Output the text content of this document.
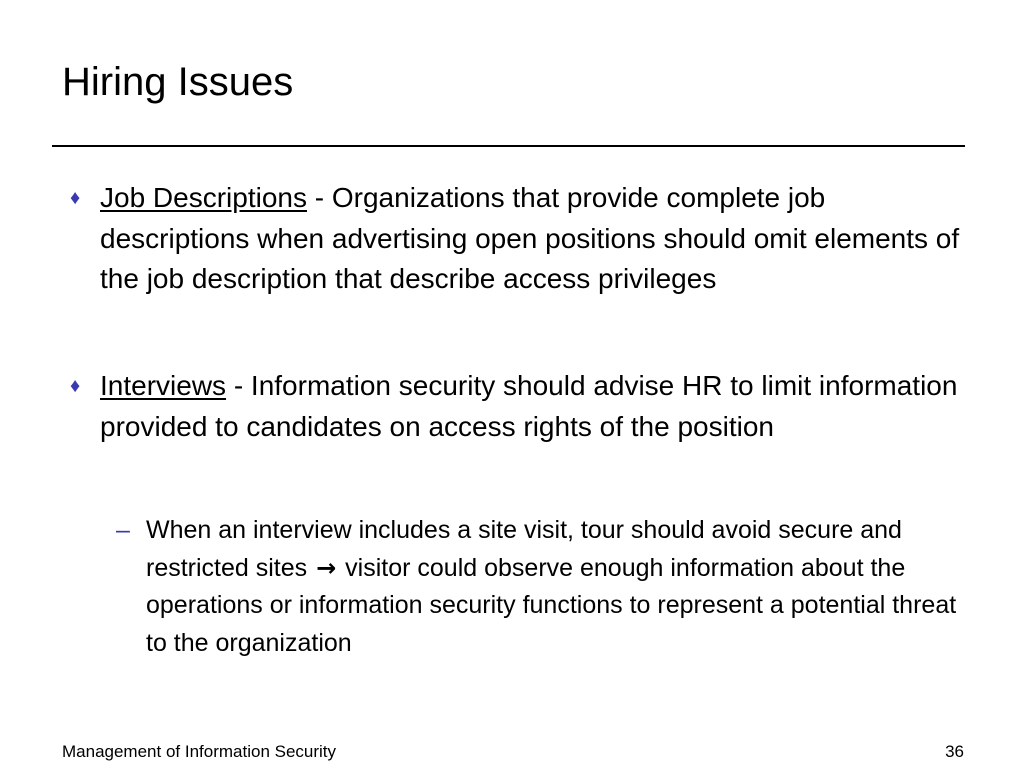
Hiring Issues
♦ Job Descriptions - Organizations that provide complete job descriptions when advertising open positions should omit elements of the job description that describe access privileges
♦ Interviews - Information security should advise HR to limit information provided to candidates on access rights of the position
– When an interview includes a site visit, tour should avoid secure and restricted sites → visitor could observe enough information about the operations or information security functions to represent a potential threat to the organization
Management of Information Security	36
